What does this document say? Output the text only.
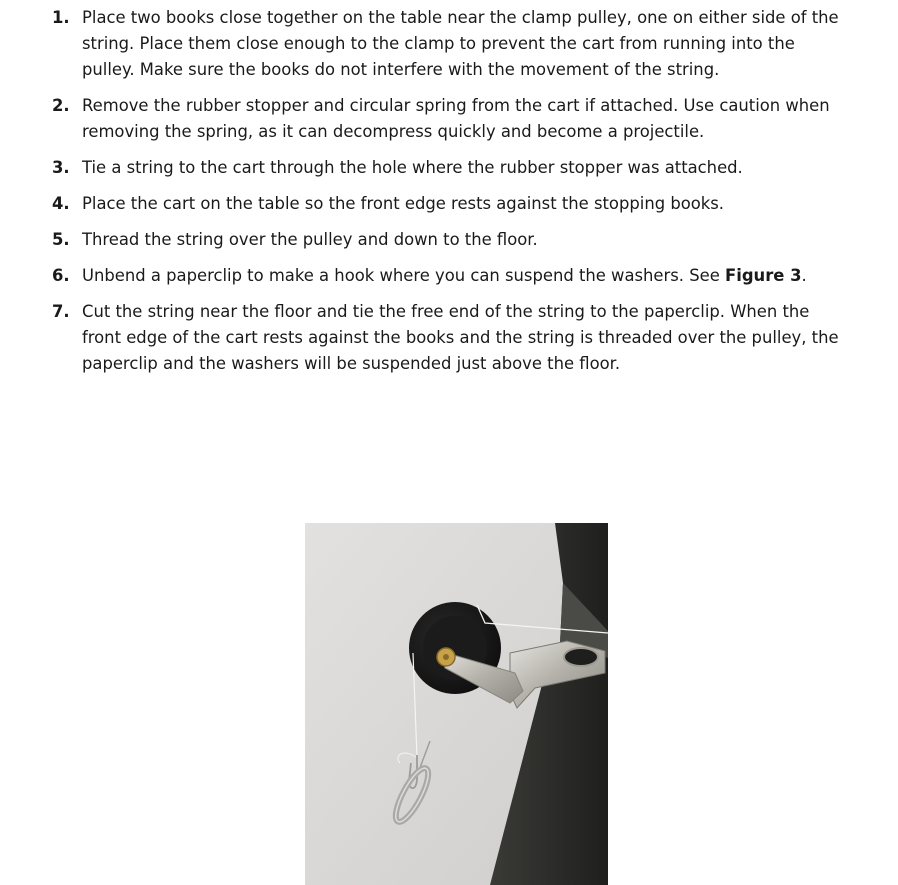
1. Place two books close together on the table near the clamp pulley, one on either side of the string. Place them close enough to the clamp to prevent the cart from running into the pulley. Make sure the books do not interfere with the movement of the string.
2. Remove the rubber stopper and circular spring from the cart if attached. Use caution when removing the spring, as it can decompress quickly and become a projectile.
3. Tie a string to the cart through the hole where the rubber stopper was attached.
4. Place the cart on the table so the front edge rests against the stopping books.
5. Thread the string over the pulley and down to the floor.
6. Unbend a paperclip to make a hook where you can suspend the washers. See Figure 3.
7. Cut the string near the floor and tie the free end of the string to the paperclip. When the front edge of the cart rests against the books and the string is threaded over the pulley, the paperclip and the washers will be suspended just above the floor.
